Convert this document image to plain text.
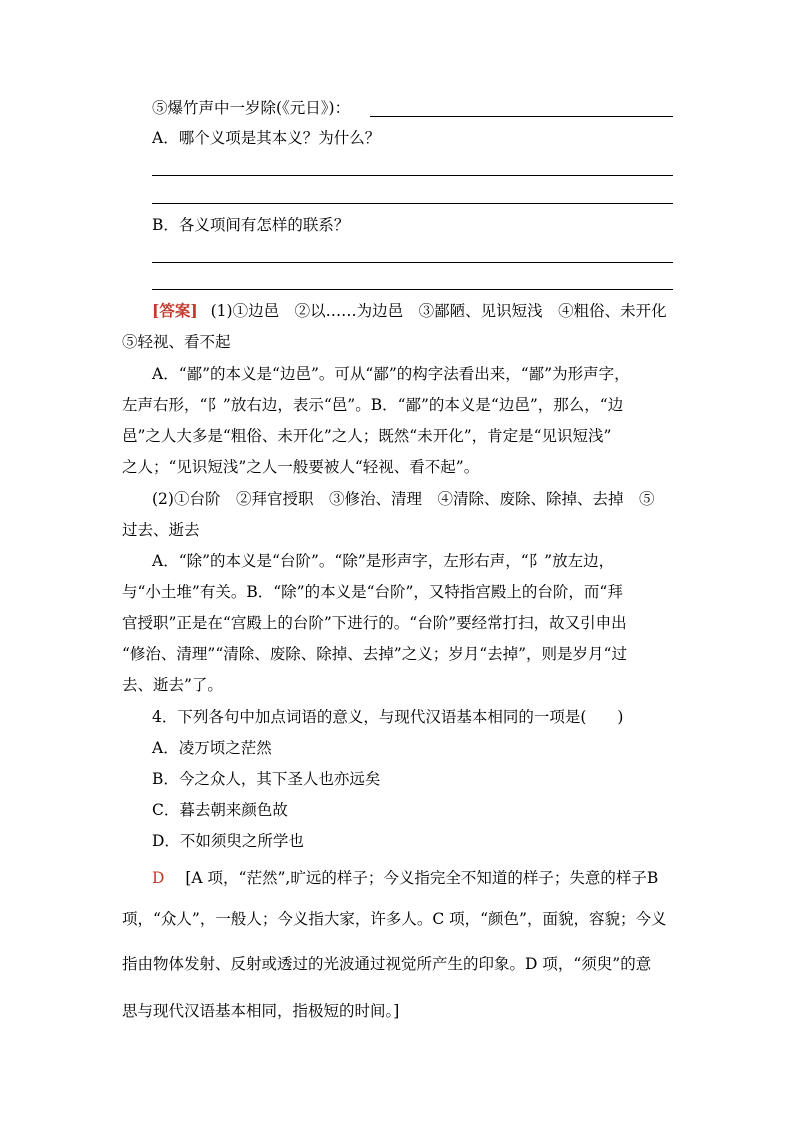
⑤爆竹声中一岁除(《元日》)：
A．哪个义项是其本义？为什么？
B．各义项间有怎样的联系？
[答案] (1)①边邑　②以……为边邑　③鄙陋、见识短浅　④粗俗、未开化
⑤轻视、看不起
A．“鄙”的本义是“边邑”。可从“鄙”的构字法看出来，“鄙”为形声字，
左声右形，“阝”放右边，表示“邑”。B．“鄙”的本义是“边邑”，那么，“边
邑”之人大多是“粗俗、未开化”之人；既然“未开化”，肯定是“见识短浅”
之人；“见识短浅”之人一般要被人“轻视、看不起”。
(2)①台阶　②拜官授职　③修治、清理　④清除、废除、除掉、去掉　⑤
过去、逝去
A．“除”的本义是“台阶”。“除”是形声字，左形右声，“阝”放左边，
与“小土堆”有关。B．“除”的本义是“台阶”，又特指宫殿上的台阶，而“拜
官授职”正是在“宫殿上的台阶”下进行的。“台阶”要经常打扫，故又引申出
“修治、清理”“清除、废除、除掉、去掉”之义；岁月“去掉”，则是岁月“过
去、逝去”了。
4．下列各句中加点词语的意义，与现代汉语基本相同的一项是(　　)
A．凌万顷之茫然
B．今之众人，其下圣人也亦远矣
C．暮去朝来颜色故
D．不如须臾之所学也
D [A 项，“茫然”,旷远的样子；今义指完全不知道的样子；失意的样子B
项，“众人”，一般人；今义指大家，许多人。C 项，“颜色”，面貌，容貌；今义
指由物体发射、反射或透过的光波通过视觉所产生的印象。D 项，“须臾”的意
思与现代汉语基本相同，指极短的时间。]
